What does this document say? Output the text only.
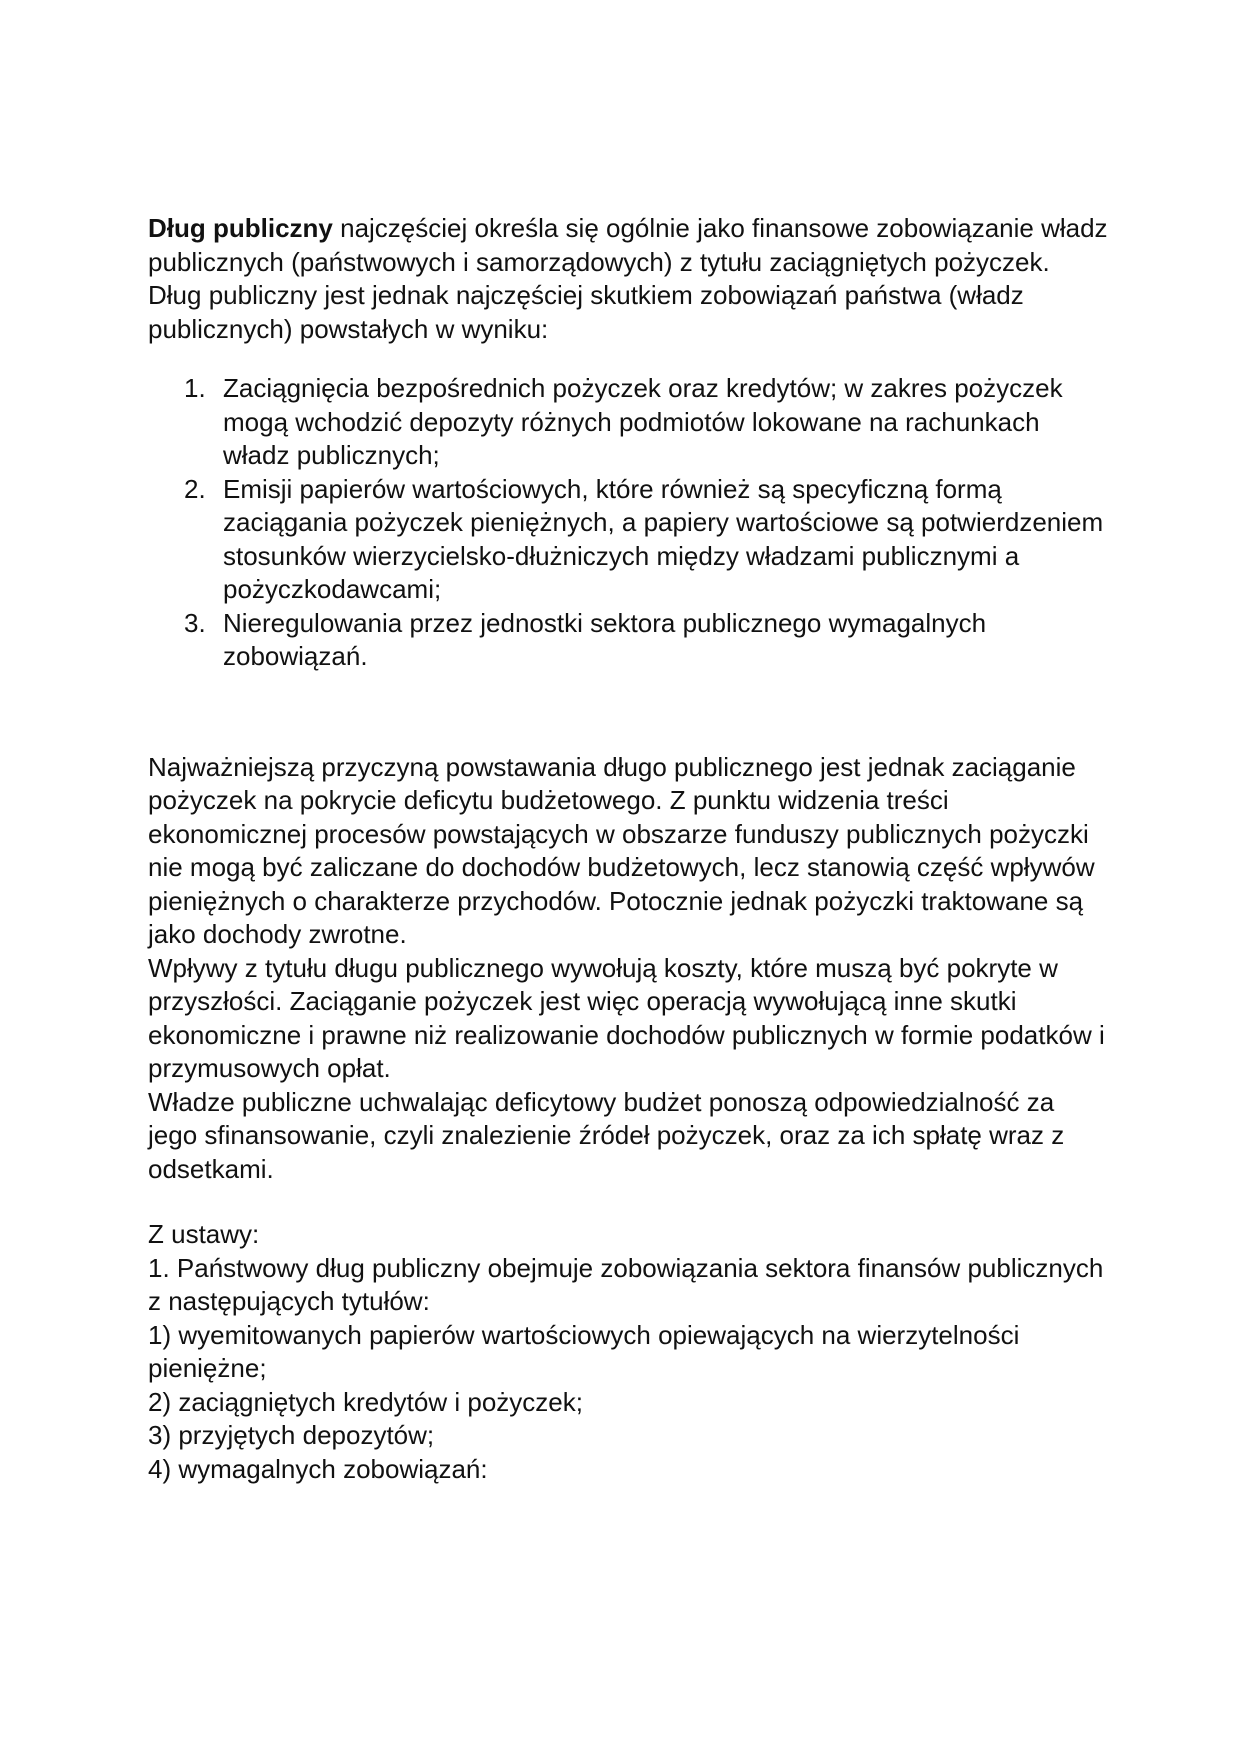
Dług publiczny najczęściej określa się ogólnie jako finansowe zobowiązanie władz publicznych (państwowych i samorządowych) z tytułu zaciągniętych pożyczek. Dług publiczny jest jednak najczęściej skutkiem zobowiązań państwa (władz publicznych) powstałych w wyniku:

1. Zaciągnięcia bezpośrednich pożyczek oraz kredytów; w zakres pożyczek mogą wchodzić depozyty różnych podmiotów lokowane na rachunkach władz publicznych;
2. Emisji papierów wartościowych, które również są specyficzną formą zaciągania pożyczek pieniężnych, a papiery wartościowe są potwierdzeniem stosunków wierzycielsko-dłużniczych między władzami publicznymi a pożyczkodawcami;
3. Nieregulowania przez jednostki sektora publicznego wymagalnych zobowiązań.

Najważniejszą przyczyną powstawania długo publicznego jest jednak zaciąganie pożyczek na pokrycie deficytu budżetowego. Z punktu widzenia treści ekonomicznej procesów powstających w obszarze funduszy publicznych pożyczki nie mogą być zaliczane do dochodów budżetowych, lecz stanowią część wpływów pieniężnych o charakterze przychodów. Potocznie jednak pożyczki traktowane są jako dochody zwrotne.

Wpływy z tytułu długu publicznego wywołują koszty, które muszą być pokryte w przyszłości. Zaciąganie pożyczek jest więc operacją wywołującą inne skutki ekonomiczne i prawne niż realizowanie dochodów publicznych w formie podatków i przymusowych opłat.

Władze publiczne uchwalając deficytowy budżet ponoszą odpowiedzialność za jego sfinansowanie, czyli znalezienie źródeł pożyczek, oraz za ich spłatę wraz z odsetkami.

Z ustawy:
1. Państwowy dług publiczny obejmuje zobowiązania sektora finansów publicznych
z następujących tytułów:
1) wyemitowanych papierów wartościowych opiewających na wierzytelności
pieniężne;
2) zaciągniętych kredytów i pożyczek;
3) przyjętych depozytów;
4) wymagalnych zobowiązań:
